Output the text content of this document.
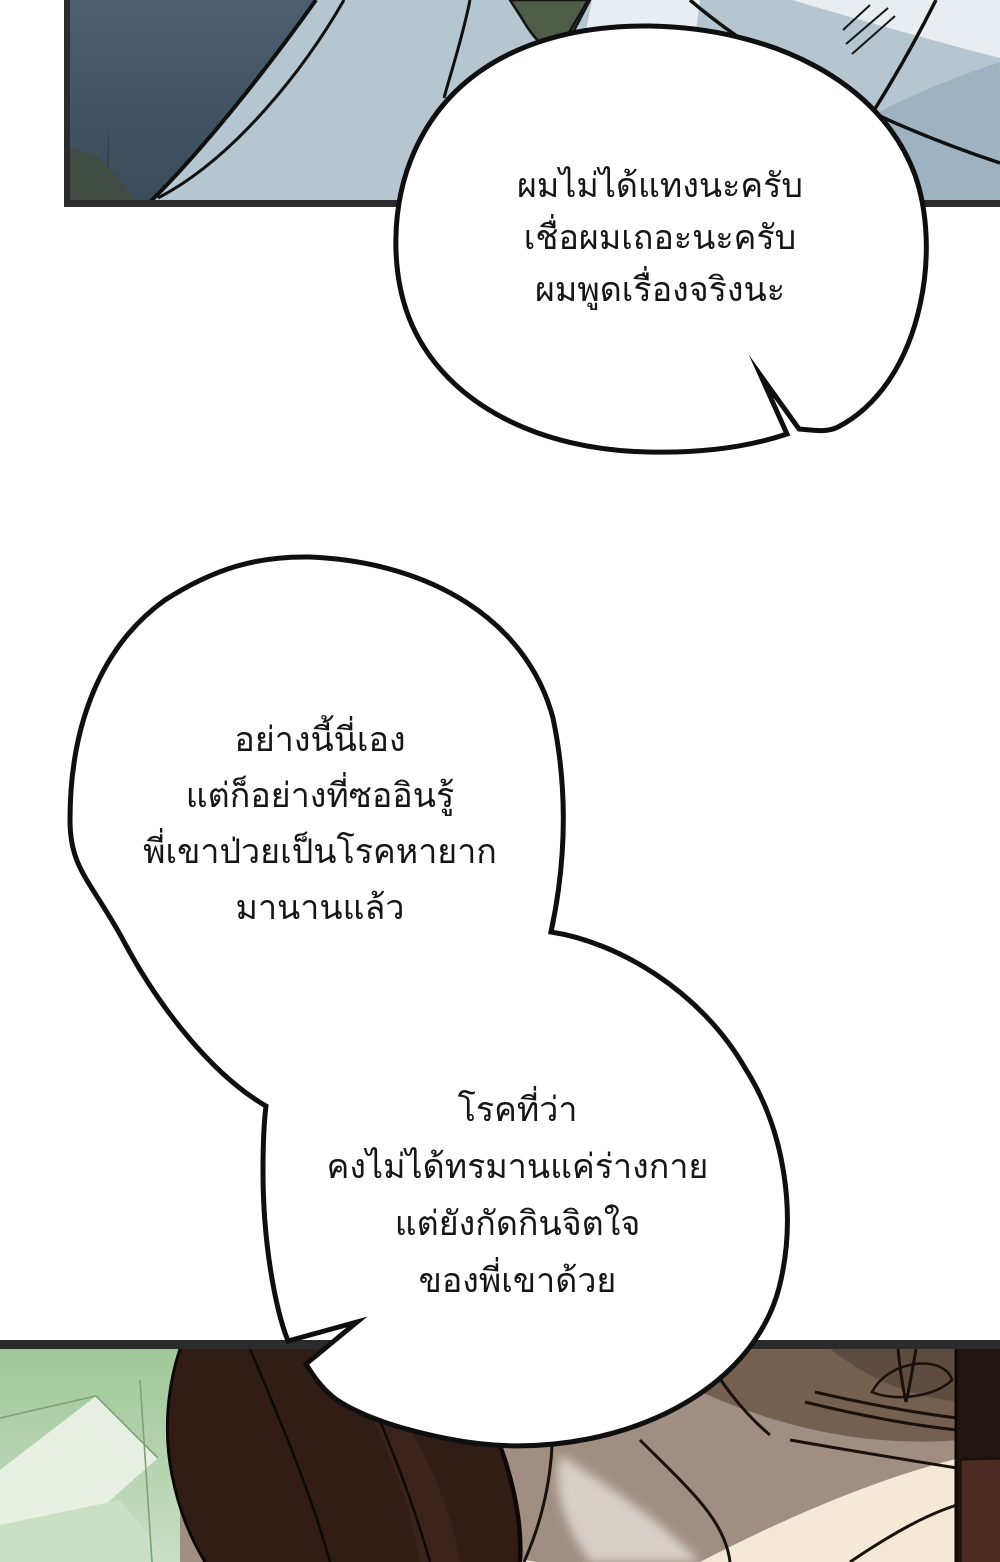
ผมไม่ได้แทงนะครับ
เชื่อผมเถอะนะครับ
ผมพูดเรื่องจริงนะ
อย่างนี้นี่เอง
แต่ก็อย่างที่ซออินรู้
พี่เขาป่วยเป็นโรคหายาก
มานานแล้ว
โรคที่ว่า
คงไม่ได้ทรมานแค่ร่างกาย
แต่ยังกัดกินจิตใจ
ของพี่เขาด้วย
